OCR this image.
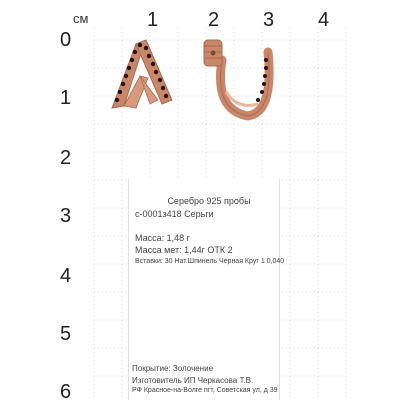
см	1 2 3 4
0
1
2
3
4
5
6
Серебро 925 пробы
с-0001з418 Серьги
Масса: 1,48 г
Масса мет: 1,44г ОТК 2
Вставки: 30 Нат.Шпинель Черная Круг 1 0,040
Покрытие: Золочение
Изготовитель ИП Черкасова Т.В.
РФ Красное-на-Волге пгт, Советская ул, д 39
